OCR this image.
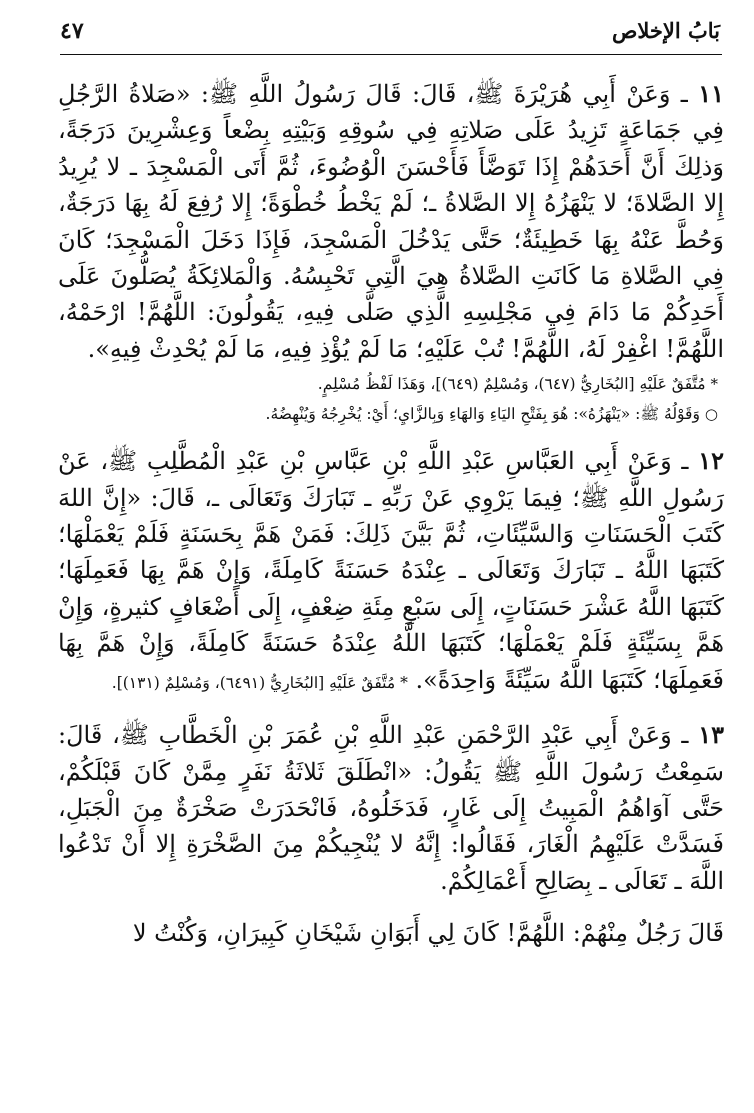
بَابُ الإخلاص
٤٧

١١ ـ وَعَنْ أَبِي هُرَيْرَةَ ﷺ، قَالَ: قَالَ رَسُولُ اللَّهِ ﷺ: «صَلاةُ الرَّجُلِ فِي جَمَاعَةٍ تَزِيدُ عَلَى صَلاتِهِ فِي سُوقِهِ وَبَيْتِهِ بِضْعاً وَعِشْرِينَ دَرَجَةً، وَذلِكَ أَنَّ أَحَدَهُمْ إِذَا تَوَضَّأَ فَأَحْسَنَ الْوُضُوءَ، ثُمَّ أَتَى الْمَسْجِدَ ـ لا يُرِيدُ إِلا الصَّلاةَ؛ لا يَنْهَزُهُ إِلا الصَّلاةُ ـ؛ لَمْ يَخْطُ خُطْوَةً؛ إِلا رُفِعَ لَهُ بِهَا دَرَجَةٌ، وَحُطَّ عَنْهُ بِهَا خَطِيئَةٌ؛ حَتَّى يَدْخُلَ الْمَسْجِدَ، فَإِذَا دَخَلَ الْمَسْجِدَ؛ كَانَ فِي الصَّلاةِ مَا كَانَتِ الصَّلاةُ هِيَ الَّتِي تَحْبِسُهُ. وَالْمَلائِكَةُ يُصَلُّونَ عَلَى أَحَدِكُمْ مَا دَامَ فِي مَجْلِسِهِ الَّذِي صَلَّى فِيهِ، يَقُولُونَ: اللَّهُمَّ! ارْحَمْهُ، اللَّهُمَّ! اغْفِرْ لَهُ، اللَّهُمَّ! تُبْ عَلَيْهِ؛ مَا لَمْ يُؤْذِ فِيهِ، مَا لَمْ يُحْدِثْ فِيهِ».

* مُتَّفَقٌ عَلَيْهِ [البُخَارِيُّ (٦٤٧)، وَمُسْلِمٌ (٦٤٩)]، وَهَذَا لَفْظُ مُسْلِمٍ.

○ وَقَوْلُهُ ﷺ: «يَنْهَزُهُ»: هُوَ بِفَتْحِ اليَاءِ وَالهَاءِ وَبِالزَّايِ؛ أَيْ: يُخْرِجُهُ وَيُنْهِضُهُ.

١٢ ـ وَعَنْ أَبِي العَبَّاسِ عَبْدِ اللَّهِ بْنِ عَبَّاسِ بْنِ عَبْدِ الْمُطَّلِبِ ﷺ، عَنْ رَسُولِ اللَّهِ ﷺ؛ فِيمَا يَرْوِي عَنْ رَبِّهِ ـ تَبَارَكَ وَتَعَالَى ـ، قَالَ: «إِنَّ اللهَ كَتَبَ الْحَسَنَاتِ وَالسَّيِّئَاتِ، ثُمَّ بَيَّنَ ذَلِكَ: فَمَنْ هَمَّ بِحَسَنَةٍ فَلَمْ يَعْمَلْهَا؛ كَتَبَهَا اللَّهُ ـ تَبَارَكَ وَتَعَالَى ـ عِنْدَهُ حَسَنَةً كَامِلَةً، وَإِنْ هَمَّ بِهَا فَعَمِلَهَا؛ كَتَبَهَا اللَّهُ عَشْرَ حَسَنَاتٍ، إِلَى سَبْعِ مِئَةِ ضِعْفٍ، إِلَى أَضْعَافٍ كثيرةٍ، وَإِنْ هَمَّ بِسَيِّئَةٍ فَلَمْ يَعْمَلْهَا؛ كَتَبَهَا اللَّهُ عِنْدَهُ حَسَنَةً كَامِلَةً، وَإِنْ هَمَّ بِهَا فَعَمِلَهَا؛ كَتَبَهَا اللَّهُ سَيِّئَةً وَاحِدَةً». * مُتَّفَقٌ عَلَيْهِ [البُخَارِيُّ (٦٤٩١)، وَمُسْلِمٌ (١٣١)].

١٣ ـ وَعَنْ أَبِي عَبْدِ الرَّحْمَنِ عَبْدِ اللَّهِ بْنِ عُمَرَ بْنِ الْخَطَّابِ ﷺ، قَالَ: سَمِعْتُ رَسُولَ اللَّهِ ﷺ يَقُولُ: «انْطَلَقَ ثَلاثَةُ نَفَرٍ مِمَّنْ كَانَ قَبْلَكُمْ، حَتَّى آوَاهُمُ الْمَبِيتُ إِلَى غَارٍ، فَدَخَلُوهُ، فَانْحَدَرَتْ صَخْرَةٌ مِنَ الْجَبَلِ، فَسَدَّتْ عَلَيْهِمُ الْغَارَ، فَقَالُوا: إِنَّهُ لا يُنْجِيكُمْ مِنَ الصَّخْرَةِ إِلا أَنْ تَدْعُوا اللَّهَ ـ تَعَالَى ـ بِصَالِحِ أَعْمَالِكُمْ.

قَالَ رَجُلٌ مِنْهُمْ: اللَّهُمَّ! كَانَ لِي أَبَوَانِ شَيْخَانِ كَبِيرَانِ، وَكُنْتُ لا
